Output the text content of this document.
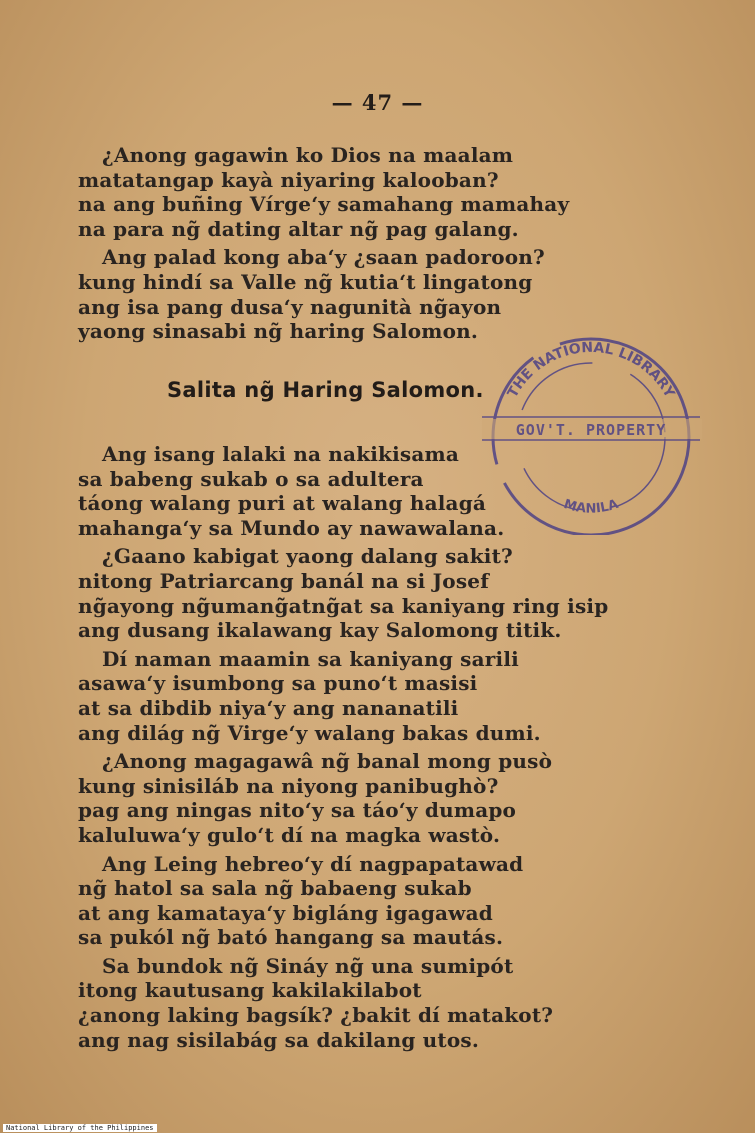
— 47 —
¿Anong gagawin ko Dios na maalam
matatangap kayà niyaring kalooban?
na ang buñing Vírge‘y samahang mamahay
na para ng̃ dating altar ng̃ pag galang.
Ang palad kong aba‘y ¿saan padoroon?
kung hindí sa Valle ng̃ kutia‘t lingatong
ang isa pang dusa‘y nagunità ng̃ayon
yaong sinasabi ng̃ haring Salomon.
Salita ng̃ Haring Salomon.
Ang isang lalaki na nakikisama
sa babeng sukab o sa adultera
táong walang puri at walang halagá
mahanga‘y sa Mundo ay nawawalana.
¿Gaano kabigat yaong dalang sakit?
nitong Patriarcang banál na si Josef
ng̃ayong ng̃umang̃atng̃at sa kaniyang ring isip
ang dusang ikalawang kay Salomong titik.
Dí naman maamin sa kaniyang sarili
asawa‘y isumbong sa puno‘t masisi
at sa dibdib niya‘y ang nananatili
ang dilág ng̃ Virge‘y walang bakas dumi.
¿Anong magagawâ ng̃ banal mong pusò
kung sinisiláb na niyong panibughò?
pag ang ningas nito‘y sa táo‘y dumapo
kaluluwa‘y gulo‘t dí na magka wastò.
Ang Leing hebreo‘y dí nagpapatawad
ng̃ hatol sa sala ng̃ babaeng sukab
at ang kamataya‘y bigláng igagawad
sa pukól ng̃ bató hangang sa mautás.
Sa bundok ng̃ Sináy ng̃ una sumipót
itong kautusang kakilakilabot
¿anong laking bagsík? ¿bakit dí matakot?
ang nag sisilabág sa dakilang utos.
THE NATIONAL LIBRARY
GOV'T. PROPERTY
MANILA
National Library of the Philippines
